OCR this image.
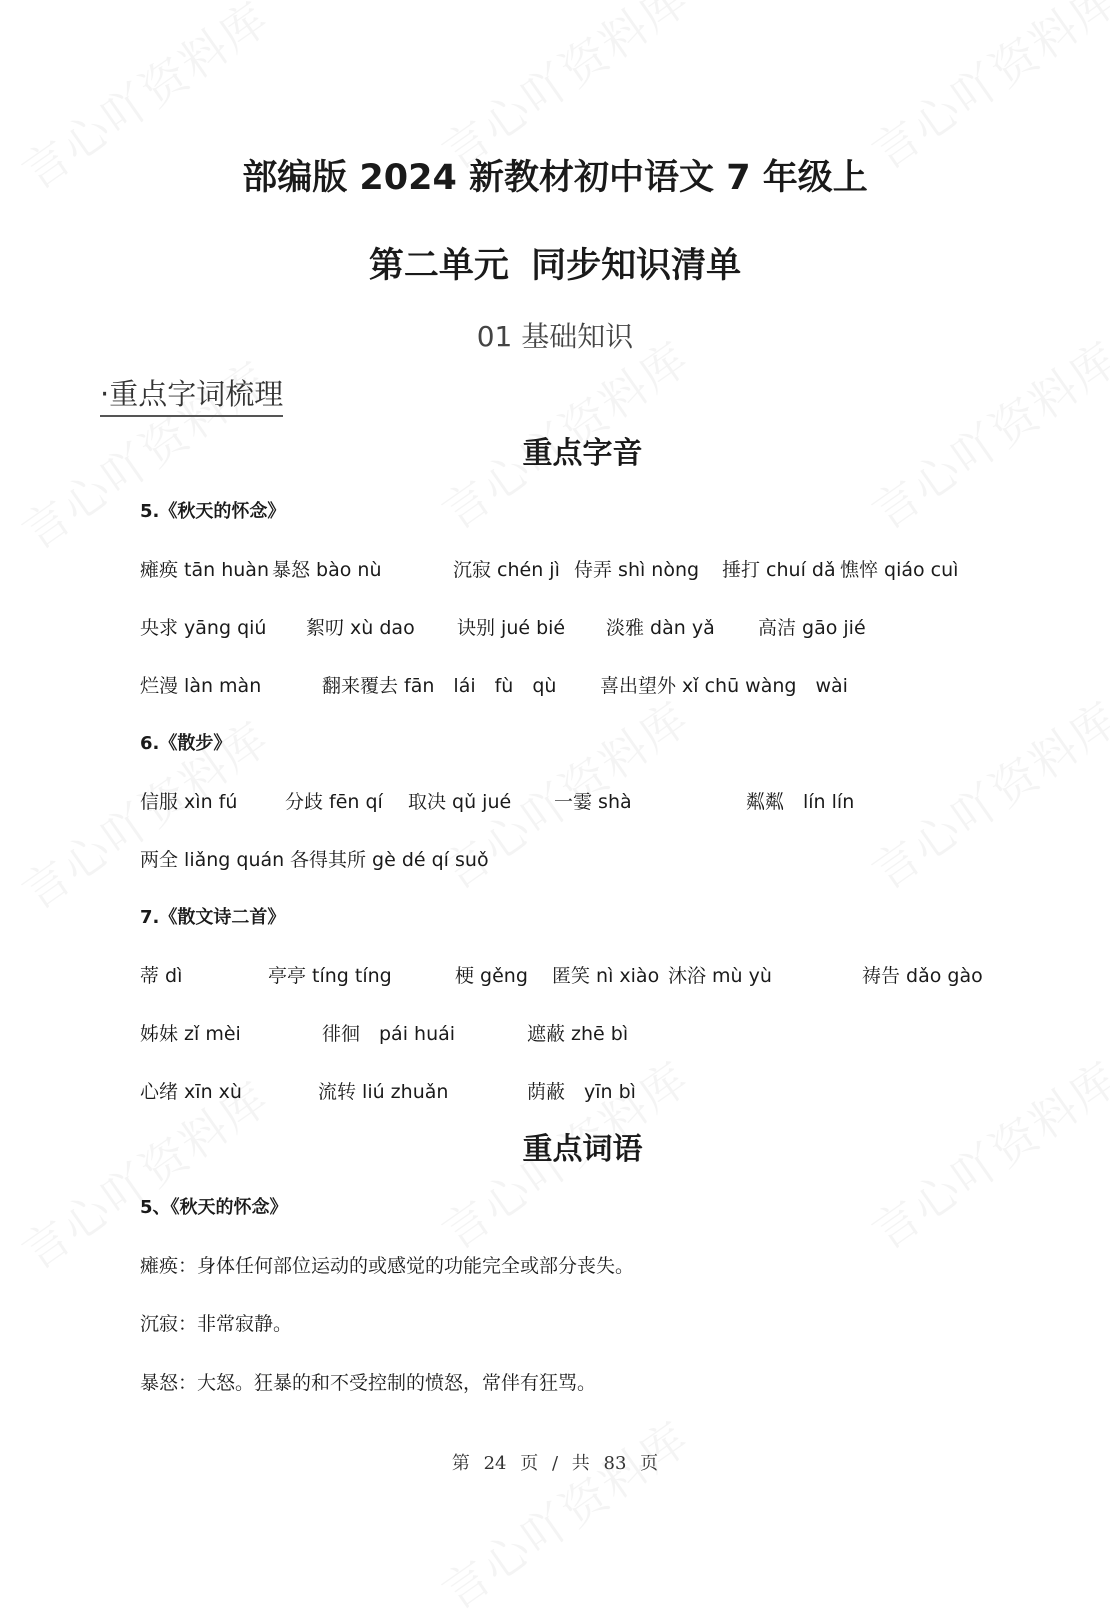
部编版 2024 新教材初中语文 7 年级上
第二单元 同步知识清单
01 基础知识
·重点字词梳理
重点字音
5.《秋天的怀念》
瘫痪 tān huàn 暴怒 bào nù	沉寂 chén jì 侍弄 shì nòng 捶打 chuí dǎ 憔悴 qiáo cuì
央求 yāng qiú 絮叨 xù dao 诀别 jué bié 淡雅 dàn yǎ 高洁 gāo jié
烂漫 làn màn	翻来覆去 fān　lái　fù　qù 喜出望外 xǐ chū wàng　wài
6.《散步》
信服 xìn fú	分歧 fēn qí 取决 qǔ jué 一霎 shà	粼粼　lín lín
两全 liǎng quán 各得其所 gè dé qí suǒ
7.《散文诗二首》
蒂 dì	亭亭 tíng tíng	梗 gěng 匿笑 nì xiào 沐浴 mù yù	祷告 dǎo gào
姊妹 zǐ mèi	徘徊　pái huái	遮蔽 zhē bì
心绪 xīn xù	流转 liú zhuǎn	荫蔽　yīn bì
重点词语
5、《秋天的怀念》
瘫痪：身体任何部位运动的或感觉的功能完全或部分丧失。
沉寂：非常寂静。
暴怒：大怒。狂暴的和不受控制的愤怒，常伴有狂骂。
第 24 页 / 共 83 页
